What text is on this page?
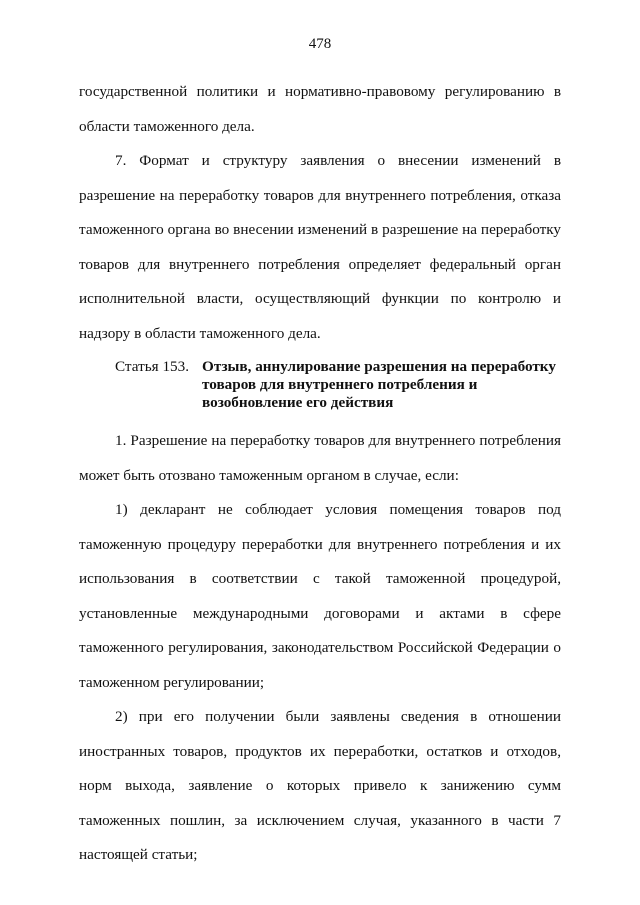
478

государственной политики и нормативно-правовому регулированию в области таможенного дела.

7. Формат и структуру заявления о внесении изменений в разрешение на переработку товаров для внутреннего потребления, отказа таможенного органа во внесении изменений в разрешение на переработку товаров для внутреннего потребления определяет федеральный орган исполнительной власти, осуществляющий функции по контролю и надзору в области таможенного дела.

Статья 153. Отзыв, аннулирование разрешения на переработку товаров для внутреннего потребления и возобновление его действия

1. Разрешение на переработку товаров для внутреннего потребления может быть отозвано таможенным органом в случае, если:

1) декларант не соблюдает условия помещения товаров под таможенную процедуру переработки для внутреннего потребления и их использования в соответствии с такой таможенной процедурой, установленные международными договорами и актами в сфере таможенного регулирования, законодательством Российской Федерации о таможенном регулировании;

2) при его получении были заявлены сведения в отношении иностранных товаров, продуктов их переработки, остатков и отходов, норм выхода, заявление о которых привело к занижению сумм таможенных пошлин, за исключением случая, указанного в части 7 настоящей статьи;
